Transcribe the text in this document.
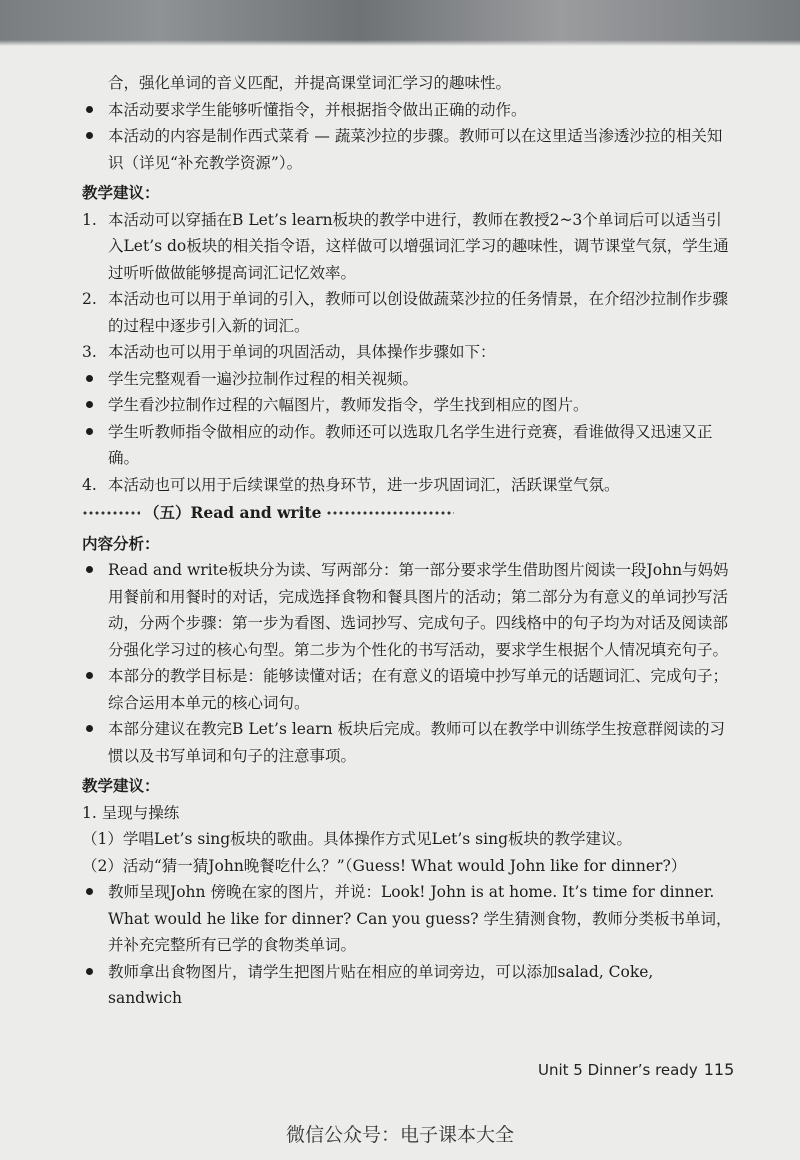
合，强化单词的音义匹配，并提高课堂词汇学习的趣味性。

本活动要求学生能够听懂指令，并根据指令做出正确的动作。

本活动的内容是制作西式菜肴 — 蔬菜沙拉的步骤。教师可以在这里适当渗透沙拉的相关知识（详见“补充教学资源”）。

教学建议：

1. 本活动可以穿插在B Let’s learn板块的教学中进行，教师在教授2~3个单词后可以适当引入Let’s do板块的相关指令语，这样做可以增强词汇学习的趣味性，调节课堂气氛，学生通过听听做做能够提高词汇记忆效率。

2. 本活动也可以用于单词的引入，教师可以创设做蔬菜沙拉的任务情景，在介绍沙拉制作步骤的过程中逐步引入新的词汇。

3. 本活动也可以用于单词的巩固活动，具体操作步骤如下：

学生完整观看一遍沙拉制作过程的相关视频。

学生看沙拉制作过程的六幅图片，教师发指令，学生找到相应的图片。

学生听教师指令做相应的动作。教师还可以选取几名学生进行竞赛，看谁做得又迅速又正确。

4. 本活动也可以用于后续课堂的热身环节，进一步巩固词汇，活跃课堂气氛。

（五）Read and write

内容分析：

Read and write板块分为读、写两部分：第一部分要求学生借助图片阅读一段John与妈妈用餐前和用餐时的对话，完成选择食物和餐具图片的活动；第二部分为有意义的单词抄写活动，分两个步骤：第一步为看图、选词抄写、完成句子。四线格中的句子均为对话及阅读部分强化学习过的核心句型。第二步为个性化的书写活动，要求学生根据个人情况填充句子。

本部分的教学目标是：能够读懂对话；在有意义的语境中抄写单元的话题词汇、完成句子；综合运用本单元的核心词句。

本部分建议在教完B Let’s learn 板块后完成。教师可以在教学中训练学生按意群阅读的习惯以及书写单词和句子的注意事项。

教学建议：

1. 呈现与操练

（1）学唱Let’s sing板块的歌曲。具体操作方式见Let’s sing板块的教学建议。

（2）活动“猜一猜John晚餐吃什么？”（Guess! What would John like for dinner?）

教师呈现John 傍晚在家的图片，并说：Look! John is at home. It’s time for dinner. What would he like for dinner? Can you guess? 学生猜测食物，教师分类板书单词，并补充完整所有已学的食物类单词。

教师拿出食物图片，请学生把图片贴在相应的单词旁边，可以添加salad, Coke, sandwich

Unit 5 Dinner’s ready 115
微信公众号：电子课本大全
